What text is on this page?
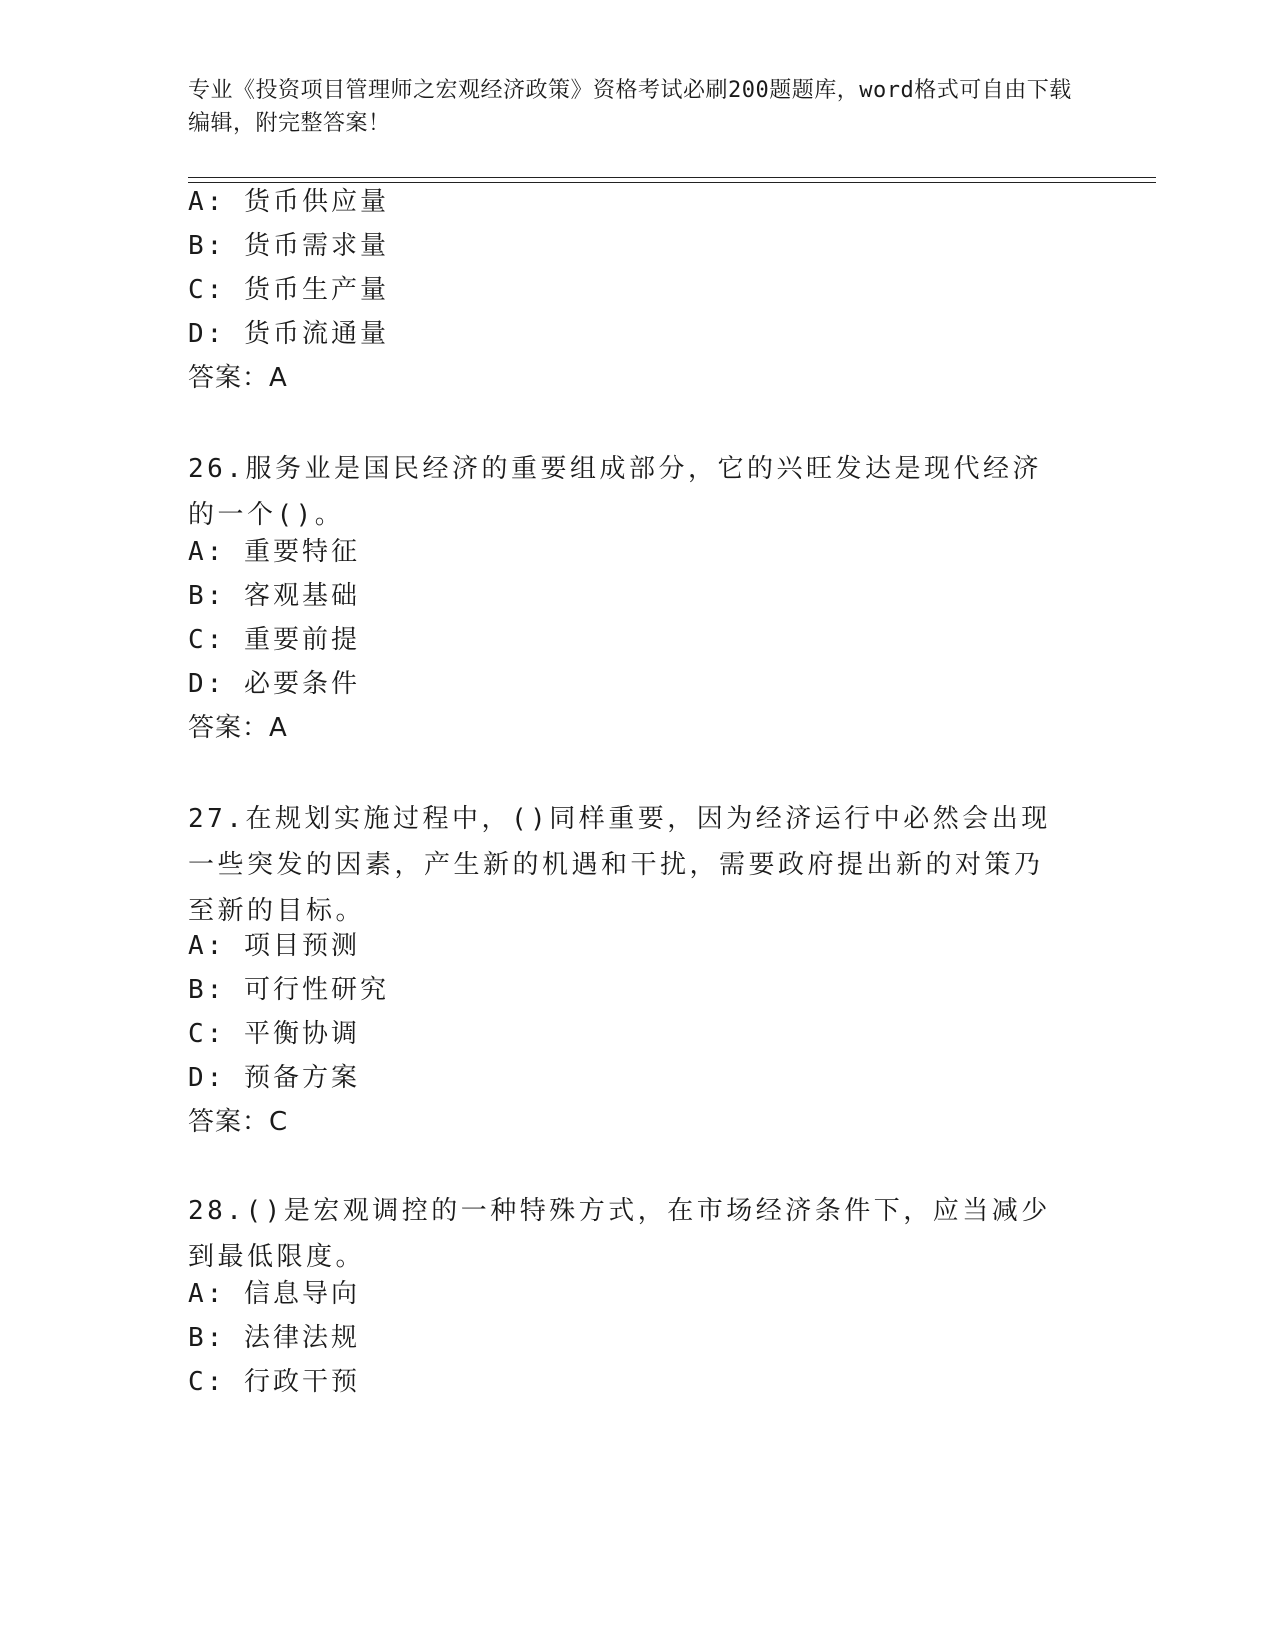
专业《投资项目管理师之宏观经济政策》资格考试必刷200题题库，word格式可自由下载编辑，附完整答案！
A: 货币供应量
B: 货币需求量
C: 货币生产量
D: 货币流通量
答案：A
26.服务业是国民经济的重要组成部分，它的兴旺发达是现代经济的一个()。
A: 重要特征
B: 客观基础
C: 重要前提
D: 必要条件
答案：A
27.在规划实施过程中，()同样重要，因为经济运行中必然会出现一些突发的因素，产生新的机遇和干扰，需要政府提出新的对策乃至新的目标。
A: 项目预测
B: 可行性研究
C: 平衡协调
D: 预备方案
答案：C
28.()是宏观调控的一种特殊方式，在市场经济条件下，应当减少到最低限度。
A: 信息导向
B: 法律法规
C: 行政干预
